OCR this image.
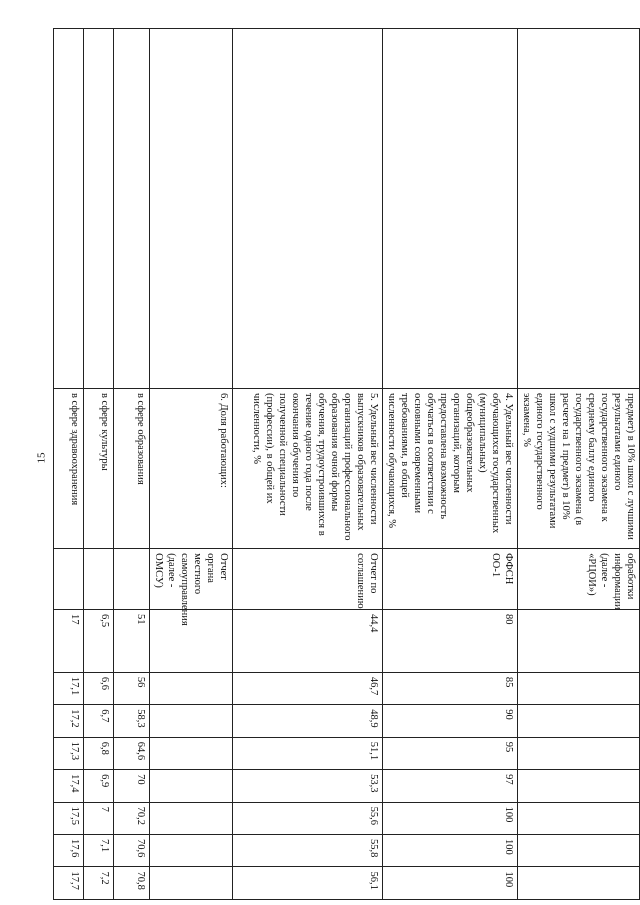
15
		предмет) в 10% школ с лучшими результатами единого государственного экзамена к среднему баллу единого государственного экзамена (в расчете на 1 предмет) в 10% школ с худшими результатами единого государственного экзамена, %	обработки информации (далее - «РЦОИ»)								
	4. Удельный вес численности обучающихся государственных (муниципальных) общеобразовательных организаций, которым предоставлена возможность обучаться в соответствии с основными современными требованиями, в общей численности обучающихся, %	ФФСН ОО-1	80	85	90	95	97	100	100	100
	5. Удельный вес численности выпускников образовательных организаций профессионального образования очной формы обучения, трудоустроившихся в течение одного года после окончания обучения по полученной специальности (профессии), в общей их численности, %	Отчет по соглашению	44,4	46,7	48,9	51,1	53,3	55,6	55,8	56,1
	6. Доля работающих:	Отчет органа местного самоуправления (далее - ОМСУ)								
	в сфере образования		51	56	58,3	64,6	70	70,2	70,6	70,8
	в сфере культуры		6,5	6,6	6,7	6,8	6,9	7	7,1	7,2
	в сфере здравоохранения		17	17,1	17,2	17,3	17,4	17,5	17,6	17,7
